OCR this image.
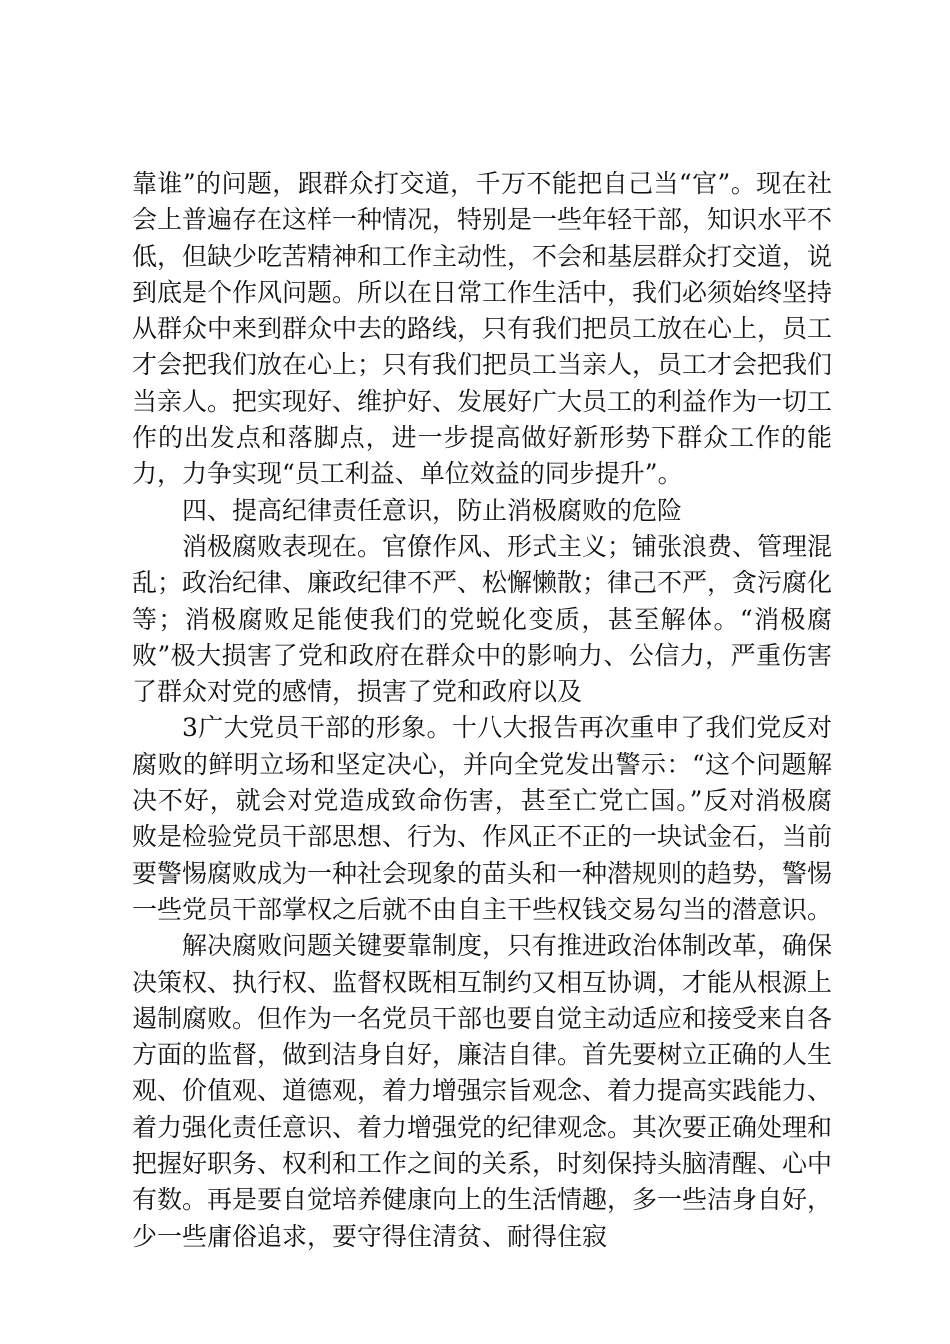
靠谁”的问题，跟群众打交道，千万不能把自己当“官”。现在社会上普遍存在这样一种情况，特别是一些年轻干部，知识水平不低，但缺少吃苦精神和工作主动性，不会和基层群众打交道，说到底是个作风问题。所以在日常工作生活中，我们必须始终坚持从群众中来到群众中去的路线，只有我们把员工放在心上，员工才会把我们放在心上；只有我们把员工当亲人，员工才会把我们当亲人。把实现好、维护好、发展好广大员工的利益作为一切工作的出发点和落脚点，进一步提高做好新形势下群众工作的能力，力争实现“员工利益、单位效益的同步提升”。

四、提高纪律责任意识，防止消极腐败的危险

消极腐败表现在。官僚作风、形式主义；铺张浪费、管理混乱；政治纪律、廉政纪律不严、松懈懒散；律己不严，贪污腐化等；消极腐败足能使我们的党蜕化变质，甚至解体。“消极腐败”极大损害了党和政府在群众中的影响力、公信力，严重伤害了群众对党的感情，损害了党和政府以及

3广大党员干部的形象。十八大报告再次重申了我们党反对腐败的鲜明立场和坚定决心，并向全党发出警示：“这个问题解决不好，就会对党造成致命伤害，甚至亡党亡国。”反对消极腐败是检验党员干部思想、行为、作风正不正的一块试金石，当前要警惕腐败成为一种社会现象的苗头和一种潜规则的趋势，警惕一些党员干部掌权之后就不由自主干些权钱交易勾当的潜意识。

解决腐败问题关键要靠制度，只有推进政治体制改革，确保决策权、执行权、监督权既相互制约又相互协调，才能从根源上遏制腐败。但作为一名党员干部也要自觉主动适应和接受来自各方面的监督，做到洁身自好，廉洁自律。首先要树立正确的人生观、价值观、道德观，着力增强宗旨观念、着力提高实践能力、着力强化责任意识、着力增强党的纪律观念。其次要正确处理和把握好职务、权利和工作之间的关系，时刻保持头脑清醒、心中有数。再是要自觉培养健康向上的生活情趣，多一些洁身自好，少一些庸俗追求，要守得住清贫、耐得住寂
